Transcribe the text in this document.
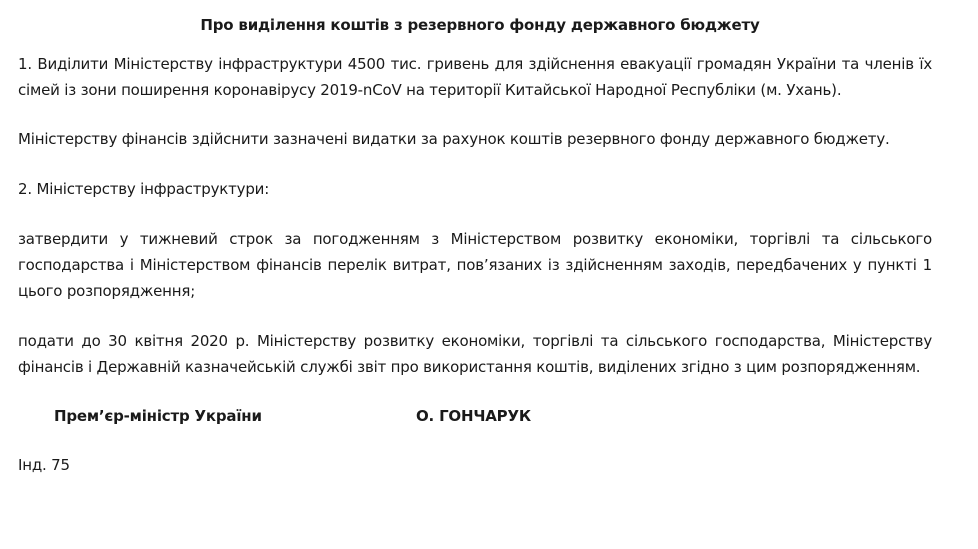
Про виділення коштів з резервного фонду державного бюджету
1. Виділити Міністерству інфраструктури 4500 тис. гривень для здійснення евакуації громадян України та членів їх сімей із зони поширення коронавірусу 2019-nCoV на території Китайської Народної Республіки (м. Ухань).
Міністерству фінансів здійснити зазначені видатки за рахунок коштів резервного фонду державного бюджету.
2. Міністерству інфраструктури:
затвердити у тижневий строк за погодженням з Міністерством розвитку економіки, торгівлі та сільського господарства і Міністерством фінансів перелік витрат, пов’язаних із здійсненням заходів, передбачених у пункті 1 цього розпорядження;
подати до 30 квітня 2020 р. Міністерству розвитку економіки, торгівлі та сільського господарства, Міністерству фінансів і Державній казначейській службі звіт про використання коштів, виділених згідно з цим розпорядженням.
Прем’єр-міністр України	О. ГОНЧАРУК
Інд. 75
